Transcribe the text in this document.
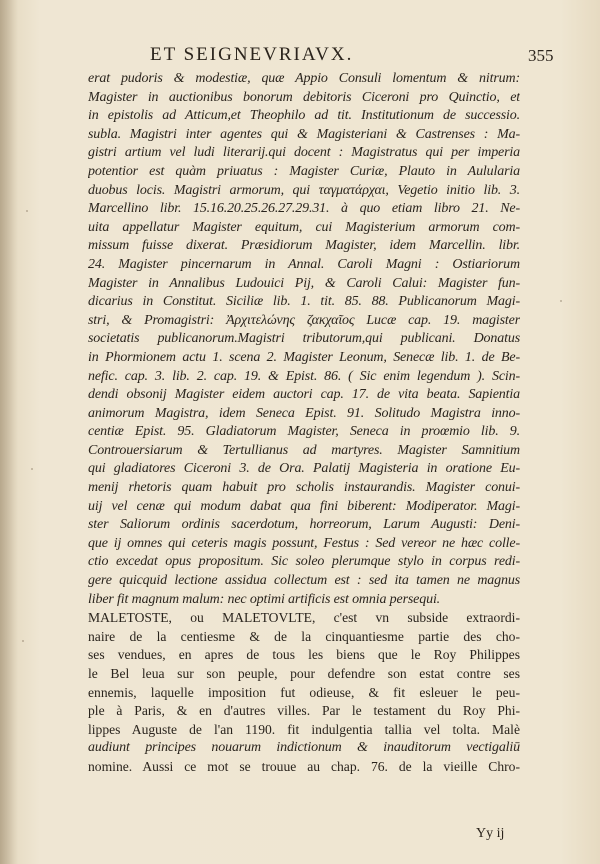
ET SEIGNEVRIAVX.	355
erat pudoris & modestiæ, quæ Appio Consuli lomentum & nitrum:
Magister in auctionibus bonorum debitoris Ciceroni pro Quinctio, et
in epistolis ad Atticum,et Theophilo ad tit. Institutionum de successio.
subla. Magistri inter agentes qui & Magisteriani & Castrenses : Ma-
gistri artium vel ludi literarij.qui docent : Magistratus qui per imperia
potentior est quàm priuatus : Magister Curiæ, Plauto in Aulularia
duobus locis. Magistri armorum, qui ταγματάρχαι, Vegetio initio lib. 3.
Marcellino libr. 15.16.20.25.26.27.29.31. à quo etiam libro 21. Ne-
uita appellatur Magister equitum, cui Magisterium armorum com-
missum fuisse dixerat. Præsidiorum Magister, idem Marcellin. libr.
24. Magister pincernarum in Annal. Caroli Magni : Ostiariorum
Magister in Annalibus Ludouici Pij, & Caroli Calui: Magister fun-
dicarius in Constitut. Siciliæ lib. 1. tit. 85. 88. Publicanorum Magi-
stri, & Promagistri: Ἀρχιτελώνης ζακχαῖος Lucæ cap. 19. magister
societatis publicanorum.Magistri tributorum,qui publicani. Donatus
in Phormionem actu 1. scena 2. Magister Leonum, Senecæ lib. 1. de Be-
nefic. cap. 3. lib. 2. cap. 19. & Epist. 86. ( Sic enim legendum ). Scin-
dendi obsonij Magister eidem auctori cap. 17. de vita beata. Sapientia
animorum Magistra, idem Seneca Epist. 91. Solitudo Magistra inno-
centiæ Epist. 95. Gladiatorum Magister, Seneca in proœmio lib. 9.
Controuersiarum & Tertullianus ad martyres. Magister Samnitium
qui gladiatores Ciceroni 3. de Ora. Palatij Magisteria in oratione Eu-
menij rhetoris quam habuit pro scholis instaurandis. Magister conui-
uij vel cenæ qui modum dabat qua fini biberent: Modiperator. Magi-
ster Saliorum ordinis sacerdotum, horreorum, Larum Augusti: Deni-
que ij omnes qui ceteris magis possunt, Festus : Sed vereor ne hæc colle-
ctio excedat opus propositum. Sic soleo plerumque stylo in corpus redi-
gere quicquid lectione assidua collectum est : sed ita tamen ne magnus
liber fit magnum malum: nec optimi artificis est omnia persequi.
MALETOSTE, ou MALETOVLTE, c'est vn subside extraordi-
naire de la centiesme & de la cinquantiesme partie des cho-
ses vendues, en apres de tous les biens que le Roy Philippes
le Bel leua sur son peuple, pour defendre son estat contre ses
ennemis, laquelle imposition fut odieuse, & fit esleuer le peu-
ple à Paris, & en d'autres villes. Par le testament du Roy Phi-
lippes Auguste de l'an 1190. fit indulgentia tallia vel tolta. Malè
audiunt principes nouarum indictionum & inauditorum vectigaliū
nomine. Aussi ce mot se trouue au chap. 76. de la vieille Chro-
Yy ij
